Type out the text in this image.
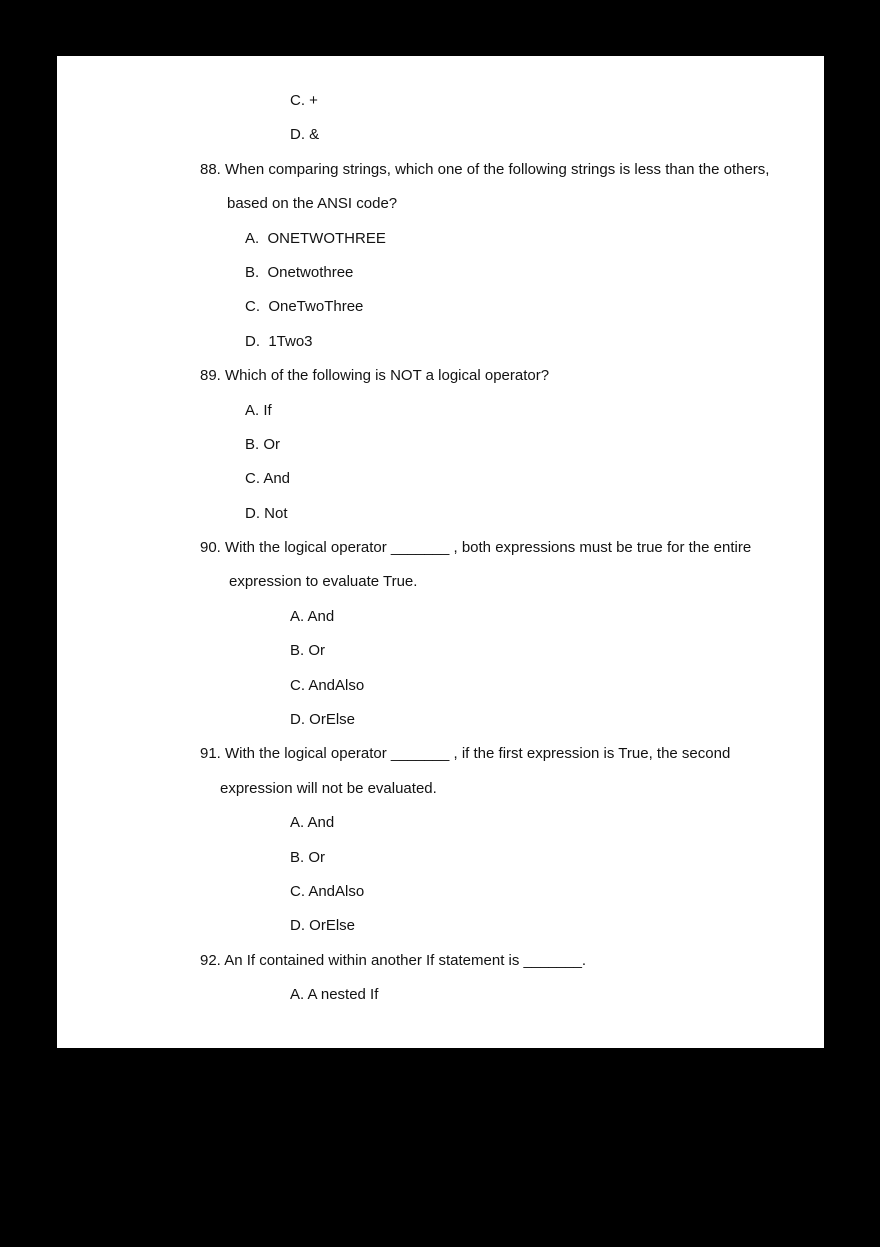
C. +
D. &
88. When comparing strings, which one of the following strings is less than the others,
based on the ANSI code?
A.  ONETWOTHREE
B.  Onetwothree
C.  OneTwoThree
D.  1Two3
89. Which of the following is NOT a logical operator?
A. If
B. Or
C. And
D. Not
90. With the logical operator _______ , both expressions must be true for the entire
expression to evaluate True.
A. And
B. Or
C. AndAlso
D. OrElse
91. With the logical operator _______ , if the first expression is True, the second
expression will not be evaluated.
A. And
B. Or
C. AndAlso
D. OrElse
92. An If contained within another If statement is _______.
A. A nested If
